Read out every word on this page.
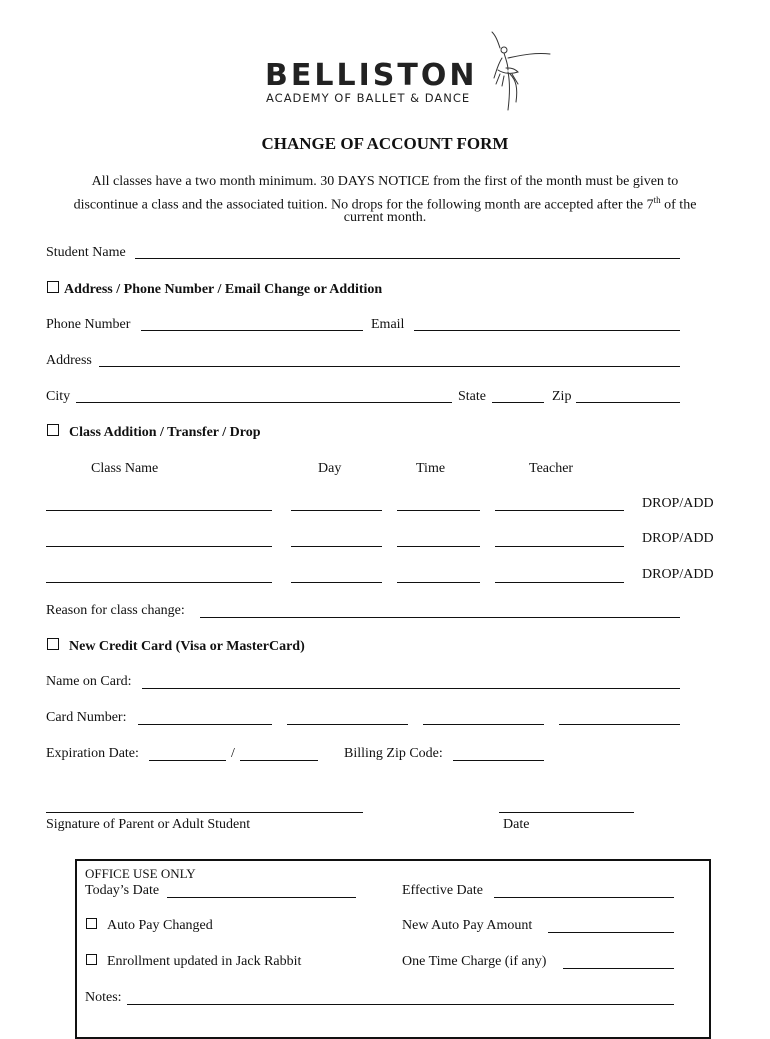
BELLISTON
ACADEMY OF BALLET & DANCE
CHANGE OF ACCOUNT FORM
All classes have a two month minimum. 30 DAYS NOTICE from the first of the month must be given to
discontinue a class and the associated tuition. No drops for the following month are accepted after the 7th of the
current month.
Student Name
Address / Phone Number / Email Change or Addition
Phone Number	Email
Address
City	State	Zip
Class Addition / Transfer / Drop
Class Name	Day	Time	Teacher
DROP/ADD
DROP/ADD
DROP/ADD
Reason for class change:
New Credit Card (Visa or MasterCard)
Name on Card:
Card Number:
Expiration Date:	/	Billing Zip Code:
Signature of Parent or Adult Student	Date
OFFICE USE ONLY
Today’s Date	Effective Date
Auto Pay Changed	New Auto Pay Amount
Enrollment updated in Jack Rabbit	One Time Charge (if any)
Notes:
